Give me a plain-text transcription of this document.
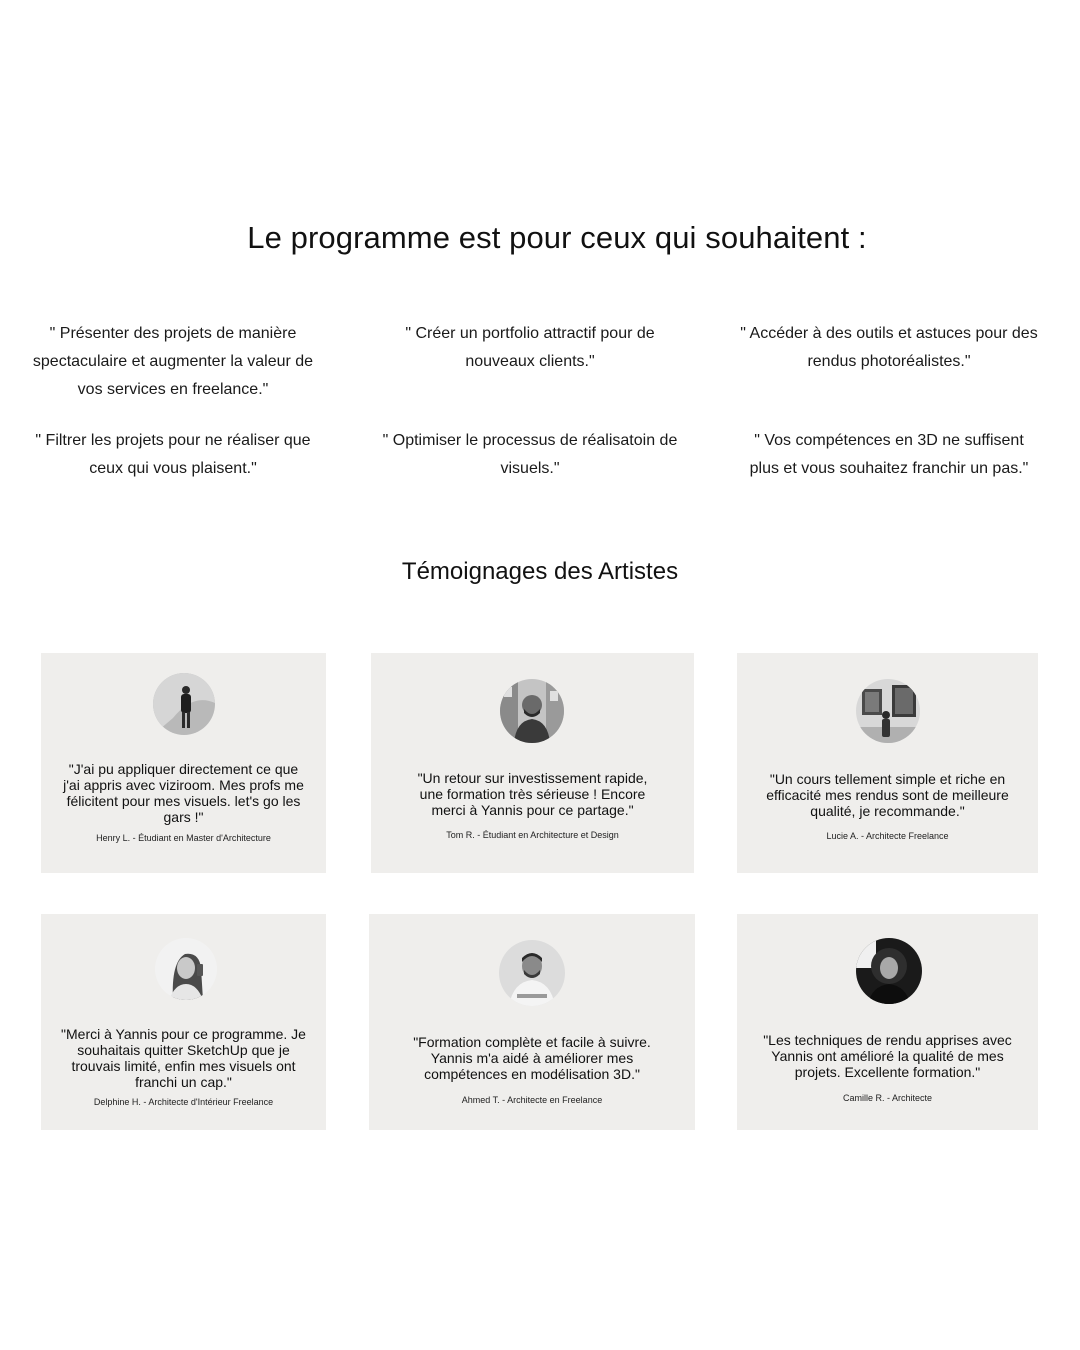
Le programme est pour ceux qui souhaitent :

" Présenter des projets de manière spectaculaire et augmenter la valeur de vos services en freelance."

" Créer un portfolio attractif pour de nouveaux clients."

" Accéder à des outils et astuces pour des rendus photoréalistes."

" Filtrer les projets pour ne réaliser que ceux qui vous plaisent."

" Optimiser le processus de réalisatoin de visuels."

" Vos compétences en 3D ne suffisent plus et vous souhaitez franchir un pas."

Témoignages des Artistes

"J'ai pu appliquer directement ce que j'ai appris avec viziroom. Mes profs me félicitent pour mes visuels. let's go les gars !"

Henry L. - Étudiant en Master d'Architecture

"Un retour sur investissement rapide, une formation très sérieuse ! Encore merci à Yannis pour ce partage."

Tom R. - Étudiant en Architecture et Design

"Un cours tellement simple et riche en efficacité mes rendus sont de meilleure qualité, je recommande."

Lucie A. - Architecte Freelance

"Merci à Yannis pour ce programme. Je souhaitais quitter SketchUp que je trouvais limité, enfin mes visuels ont franchi un cap."

Delphine H. - Architecte d'Intérieur Freelance

"Formation complète et facile à suivre. Yannis m'a aidé à améliorer mes compétences en modélisation 3D."

Ahmed T. - Architecte en Freelance

"Les techniques de rendu apprises avec Yannis ont amélioré la qualité de mes projets. Excellente formation."

Camille R. - Architecte
